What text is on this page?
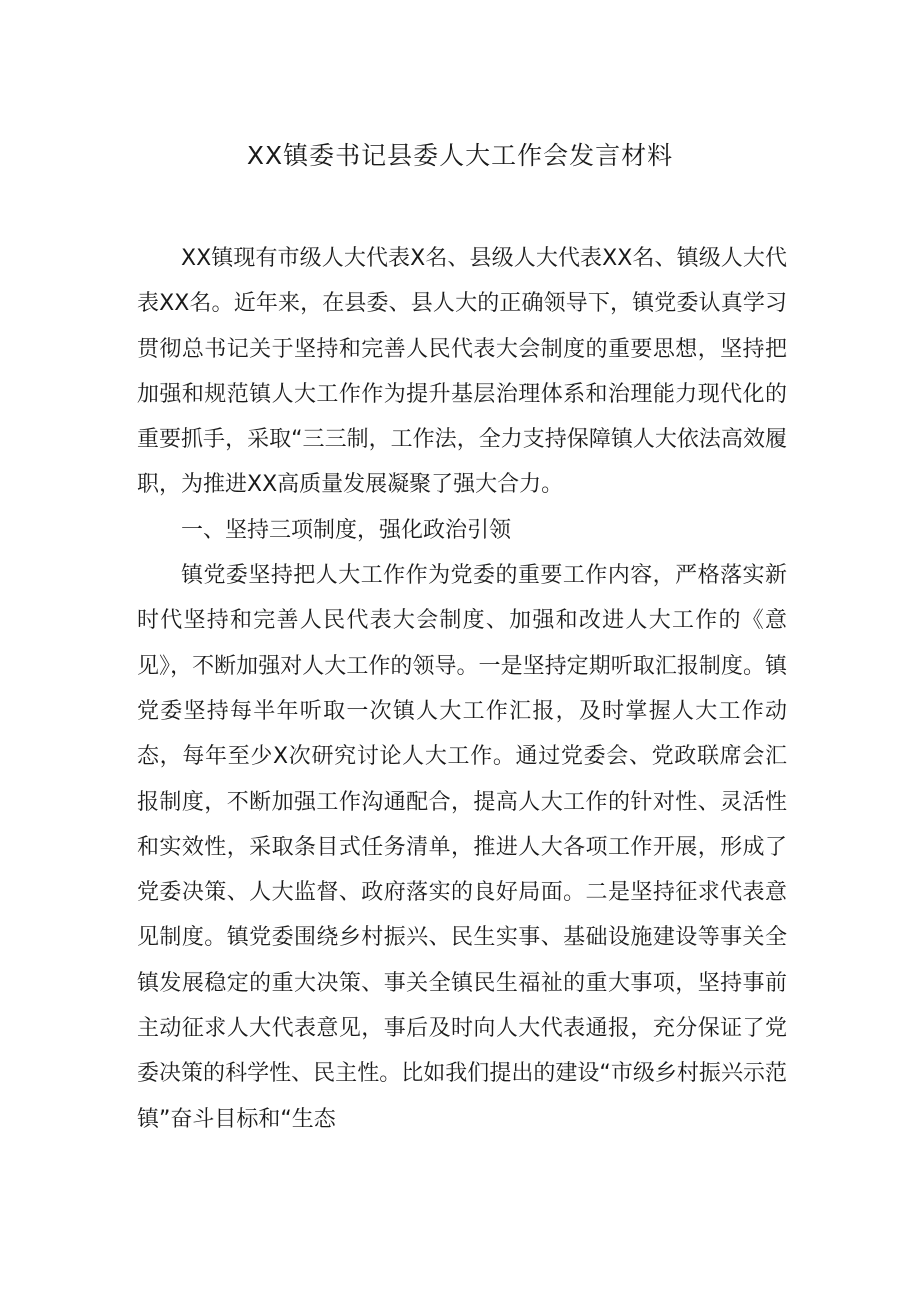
XX镇委书记县委人大工作会发言材料

XX镇现有市级人大代表X名、县级人大代表XX名、镇级人大代表XX名。近年来，在县委、县人大的正确领导下，镇党委认真学习贯彻总书记关于坚持和完善人民代表大会制度的重要思想，坚持把加强和规范镇人大工作作为提升基层治理体系和治理能力现代化的重要抓手，采取“三三制，工作法，全力支持保障镇人大依法高效履职，为推进XX高质量发展凝聚了强大合力。

一、坚持三项制度，强化政治引领

镇党委坚持把人大工作作为党委的重要工作内容，严格落实新时代坚持和完善人民代表大会制度、加强和改进人大工作的《意见》，不断加强对人大工作的领导。一是坚持定期听取汇报制度。镇党委坚持每半年听取一次镇人大工作汇报，及时掌握人大工作动态，每年至少X次研究讨论人大工作。通过党委会、党政联席会汇报制度，不断加强工作沟通配合，提高人大工作的针对性、灵活性和实效性，采取条目式任务清单，推进人大各项工作开展，形成了党委决策、人大监督、政府落实的良好局面。二是坚持征求代表意见制度。镇党委围绕乡村振兴、民生实事、基础设施建设等事关全镇发展稳定的重大决策、事关全镇民生福祉的重大事项，坚持事前主动征求人大代表意见，事后及时向人大代表通报，充分保证了党委决策的科学性、民主性。比如我们提出的建设“市级乡村振兴示范镇”奋斗目标和“生态
